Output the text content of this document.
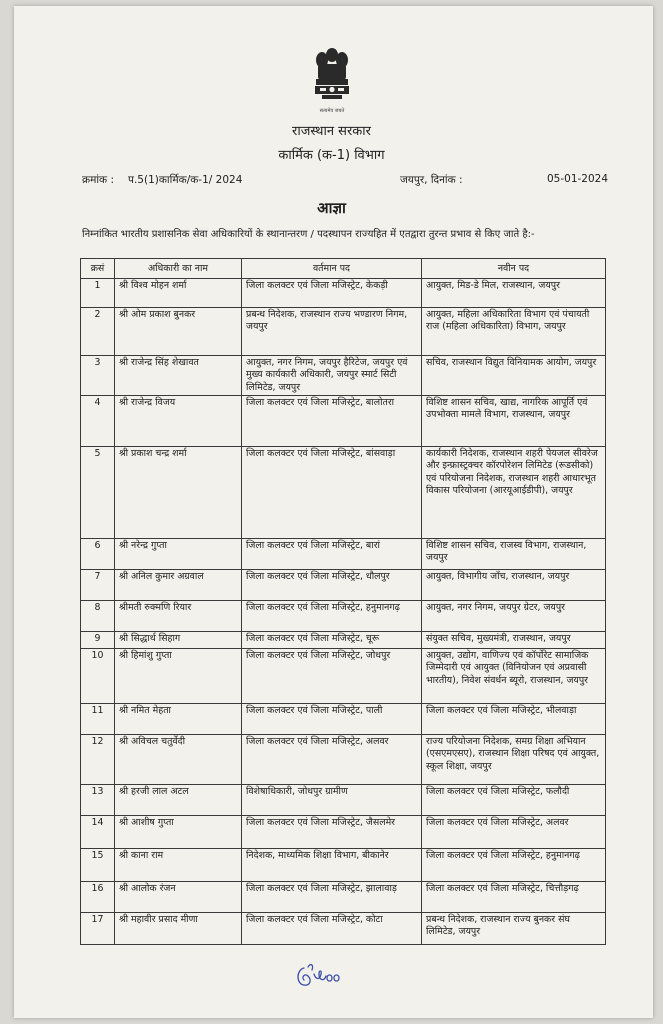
सत्यमेव जयते
राजस्थान सरकार
कार्मिक (क-1) विभाग
क्रमांक : प.5(1)कार्मिक/क-1/ 2024	जयपुर, दिनांक :	05-01-2024
आज्ञा
निम्नांकित भारतीय प्रशासनिक सेवा अधिकारियों के स्थानान्तरण / पदस्थापन राज्यहित में एतद्वारा तुरन्त प्रभाव से किए जाते है:-
क्रसं	अधिकारी का नाम	वर्तमान पद	नवीन पद
1	श्री विश्व मोहन शर्मा	जिला कलक्टर एवं जिला मजिस्ट्रेट, केकड़ी	आयुक्त, मिड-डे मिल, राजस्थान, जयपुर
2	श्री ओम प्रकाश बुनकर	प्रबन्ध निदेशक, राजस्थान राज्य भण्डारण निगम, जयपुर	आयुक्त, महिला अधिकारिता विभाग एवं पंचायती राज (महिला अधिकारिता) विभाग, जयपुर
3	श्री राजेन्द्र सिंह शेखावत	आयुक्त, नगर निगम, जयपुर हैरिटेज, जयपुर एवं मुख्य कार्यकारी अधिकारी, जयपुर स्मार्ट सिटी लिमिटेड, जयपुर	सचिव, राजस्थान विद्युत विनियामक आयोग, जयपुर
4	श्री राजेन्द्र विजय	जिला कलक्टर एवं जिला मजिस्ट्रेट, बालोतरा	विशिष्ट शासन सचिव, खाद्य, नागरिक आपूर्ति एवं उपभोक्ता मामले विभाग, राजस्थान, जयपुर
5	श्री प्रकाश चन्द्र शर्मा	जिला कलक्टर एवं जिला मजिस्ट्रेट, बांसवाड़ा	कार्यकारी निदेशक, राजस्थान शहरी पेयजल सीवरेज और इन्फ्रास्ट्रक्चर कॉरपोरेशन लिमिटेड (रूडसीको) एवं परियोजना निदेशक, राजस्थान शहरी आधारभूत विकास परियोजना (आरयूआईडीपी), जयपुर
6	श्री नरेन्द्र गुप्ता	जिला कलक्टर एवं जिला मजिस्ट्रेट, बारां	विशिष्ट शासन सचिव, राजस्व विभाग, राजस्थान, जयपुर
7	श्री अनिल कुमार अग्रवाल	जिला कलक्टर एवं जिला मजिस्ट्रेट, धौलपुर	आयुक्त, विभागीय जाँच, राजस्थान, जयपुर
8	श्रीमती रुक्मणि रियार	जिला कलक्टर एवं जिला मजिस्ट्रेट, हनुमानगढ़	आयुक्त, नगर निगम, जयपुर ग्रेटर, जयपुर
9	श्री सिद्धार्थ सिहाग	जिला कलक्टर एवं जिला मजिस्ट्रेट, चूरू	संयुक्त सचिव, मुख्यमंत्री, राजस्थान, जयपुर
10	श्री हिमांशु गुप्ता	जिला कलक्टर एवं जिला मजिस्ट्रेट, जोधपुर	आयुक्त, उद्योग, वाणिज्य एवं कॉर्पोरेट सामाजिक जिम्मेदारी एवं आयुक्त (विनियोजन एवं अप्रवासी भारतीय), निवेश संवर्धन ब्यूरो, राजस्थान, जयपुर
11	श्री नमित मेहता	जिला कलक्टर एवं जिला मजिस्ट्रेट, पाली	जिला कलक्टर एवं जिला मजिस्ट्रेट, भीलवाड़ा
12	श्री अविचल चतुर्वेदी	जिला कलक्टर एवं जिला मजिस्ट्रेट, अलवर	राज्य परियोजना निदेशक, समग्र शिक्षा अभियान (एसएमएसए), राजस्थान शिक्षा परिषद एवं आयुक्त, स्कूल शिक्षा, जयपुर
13	श्री हरजी लाल अटल	विशेषाधिकारी, जोधपुर ग्रामीण	जिला कलक्टर एवं जिला मजिस्ट्रेट, फलौदी
14	श्री आशीष गुप्ता	जिला कलक्टर एवं जिला मजिस्ट्रेट, जैसलमेर	जिला कलक्टर एवं जिला मजिस्ट्रेट, अलवर
15	श्री काना राम	निदेशक, माध्यमिक शिक्षा विभाग, बीकानेर	जिला कलक्टर एवं जिला मजिस्ट्रेट, हनुमानगढ़
16	श्री आलोक रंजन	जिला कलक्टर एवं जिला मजिस्ट्रेट, झालावाड़	जिला कलक्टर एवं जिला मजिस्ट्रेट, चित्तौड़गढ़
17	श्री महावीर प्रसाद मीणा	जिला कलक्टर एवं जिला मजिस्ट्रेट, कोटा	प्रबन्ध निदेशक, राजस्थान राज्य बुनकर संघ लिमिटेड, जयपुर
